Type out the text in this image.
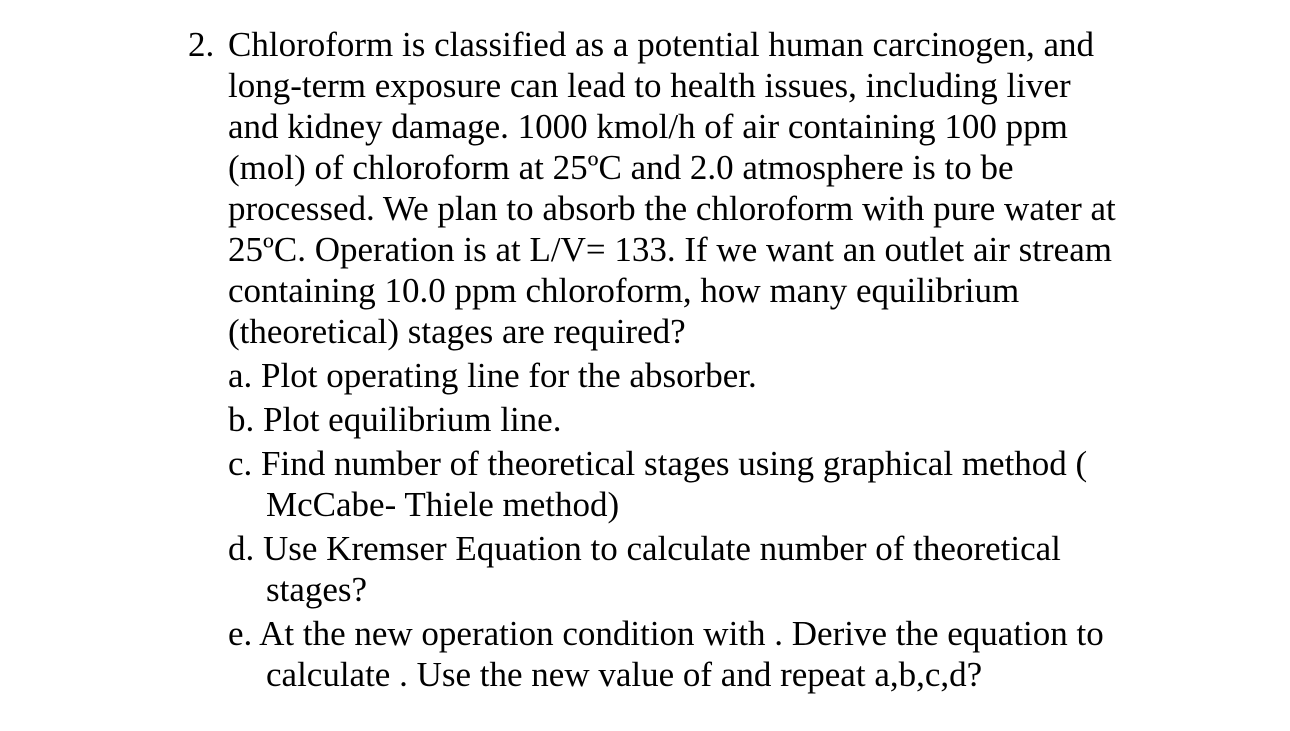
2. Chloroform is classified as a potential human carcinogen, and
long-term exposure can lead to health issues, including liver
and kidney damage. 1000 kmol/h of air containing 100 ppm
(mol) of chloroform at 25ºC and 2.0 atmosphere is to be
processed. We plan to absorb the chloroform with pure water at
25ºC. Operation is at L/V= 133. If we want an outlet air stream
containing 10.0 ppm chloroform, how many equilibrium
(theoretical) stages are required?
a. Plot operating line for the absorber.
b. Plot equilibrium line.
c. Find number of theoretical stages using graphical method (
McCabe- Thiele method)
d. Use Kremser Equation to calculate number of theoretical
stages?
e. At the new operation condition with . Derive the equation to
calculate . Use the new value of and repeat a,b,c,d?
